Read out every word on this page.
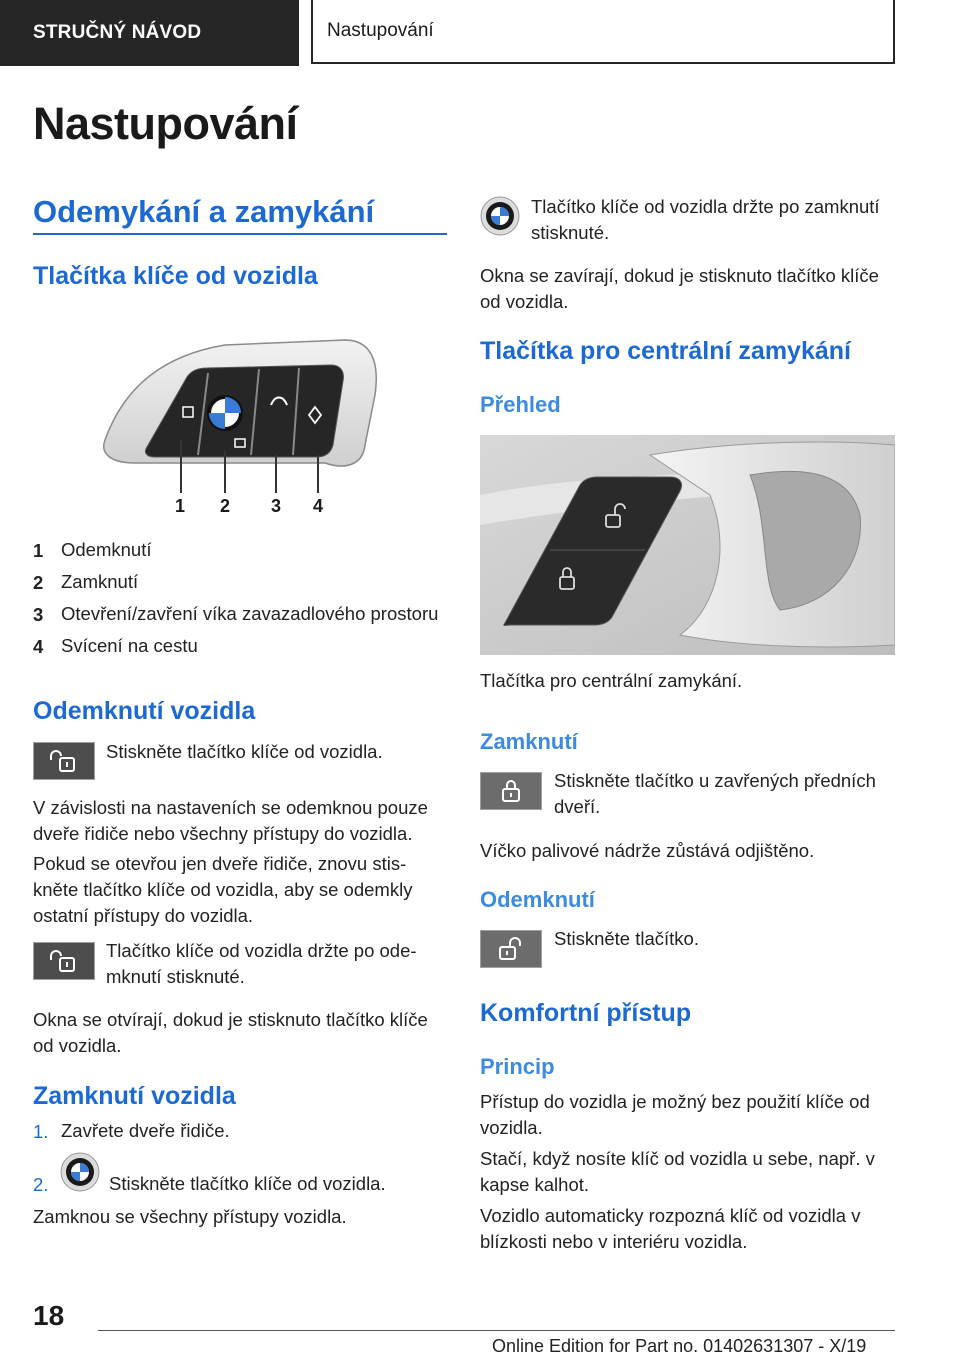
STRUČNÝ NÁVOD	Nastupování
Nastupování
Odemykání a zamykání
Tlačítka klíče od vozidla
1 2 3 4
1 Odemknutí
2 Zamknutí
3 Otevření/zavření víka zavazadlového prostoru
4 Svícení na cestu
Odemknutí vozidla

Stiskněte tlačítko klíče od vozidla.

V závislosti na nastaveních se odemknou pouze dveře řidiče nebo všechny přístupy do vozidla.

Pokud se otevřou jen dveře řidiče, znovu stis-

kněte tlačítko klíče od vozidla, aby se odemkly

ostatní přístupy do vozidla.

Tlačítko klíče od vozidla držte po ode-

mknutí stisknuté.

Okna se otvírají, dokud je stisknuto tlačítko klíče od vozidla.

Zamknutí vozidla
1. Zavřete dveře řidiče.
2.	Stiskněte tlačítko klíče od vozidla.

Zamknou se všechny přístupy vozidla.

Tlačítko klíče od vozidla držte po zamknutí

stisknuté.

Okna se zavírají, dokud je stisknuto tlačítko klíče od vozidla.

Tlačítka pro centrální zamykání
Přehled

Tlačítka pro centrální zamykání.

Zamknutí

Stiskněte tlačítko u zavřených předních

dveří.

Víčko palivové nádrže zůstává odjištěno.

Odemknutí

Stiskněte tlačítko.

Komfortní přístup
Princip

Přístup do vozidla je možný bez použití klíče od vozidla.

Stačí, když nosíte klíč od vozidla u sebe, např. v kapse kalhot.

Vozidlo automaticky rozpozná klíč od vozidla v blízkosti nebo v interiéru vozidla.

18
Online Edition for Part no. 01402631307 - X/19
